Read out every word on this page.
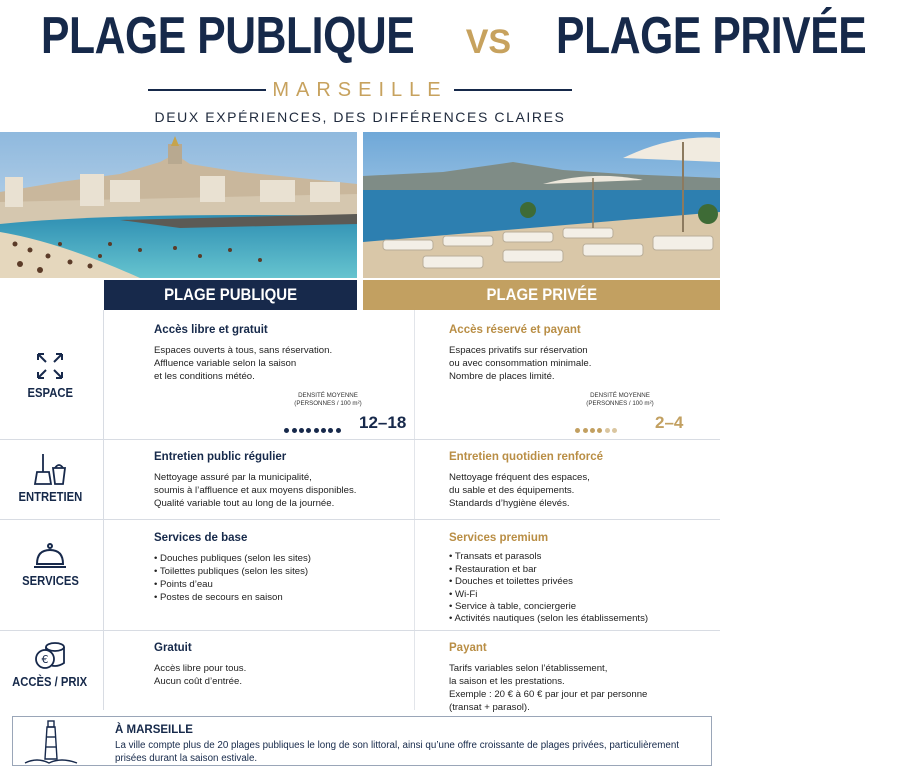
PLAGE PUBLIQUE VS PLAGE PRIVÉE
MARSEILLE
DEUX EXPÉRIENCES, DES DIFFÉRENCES CLAIRES
PLAGE PUBLIQUE	PLAGE PRIVÉE
ESPACE
Accès libre et gratuit

Espaces ouverts à tous, sans réservation.
Affluence variable selon la saison
et les conditions météo.

DENSITÉ MOYENNE
(PERSONNES / 100 m²)

12–18
Accès réservé et payant

Espaces privatifs sur réservation
ou avec consommation minimale.
Nombre de places limité.

DENSITÉ MOYENNE
(PERSONNES / 100 m²)

2–4
ENTRETIEN
Entretien public régulier

Nettoyage assuré par la municipalité,
soumis à l’affluence et aux moyens disponibles.
Qualité variable tout au long de la journée.

Entretien quotidien renforcé

Nettoyage fréquent des espaces,
du sable et des équipements.
Standards d’hygiène élevés.

SERVICES
Services de base
• Douches publiques (selon les sites)
• Toilettes publiques (selon les sites)
• Points d’eau
• Postes de secours en saison
Services premium
• Transats et parasols
• Restauration et bar
• Douches et toilettes privées
• Wi-Fi
• Service à table, conciergerie
• Activités nautiques (selon les établissements)
€
ACCÈS / PRIX
Gratuit

Accès libre pour tous.
Aucun coût d’entrée.

Payant

Tarifs variables selon l’établissement,
la saison et les prestations.
Exemple : 20 € à 60 € par jour et par personne
(transat + parasol).

À MARSEILLE

La ville compte plus de 20 plages publiques le long de son littoral, ainsi qu’une offre croissante de plages privées, particulièrement prisées durant la saison estivale.
